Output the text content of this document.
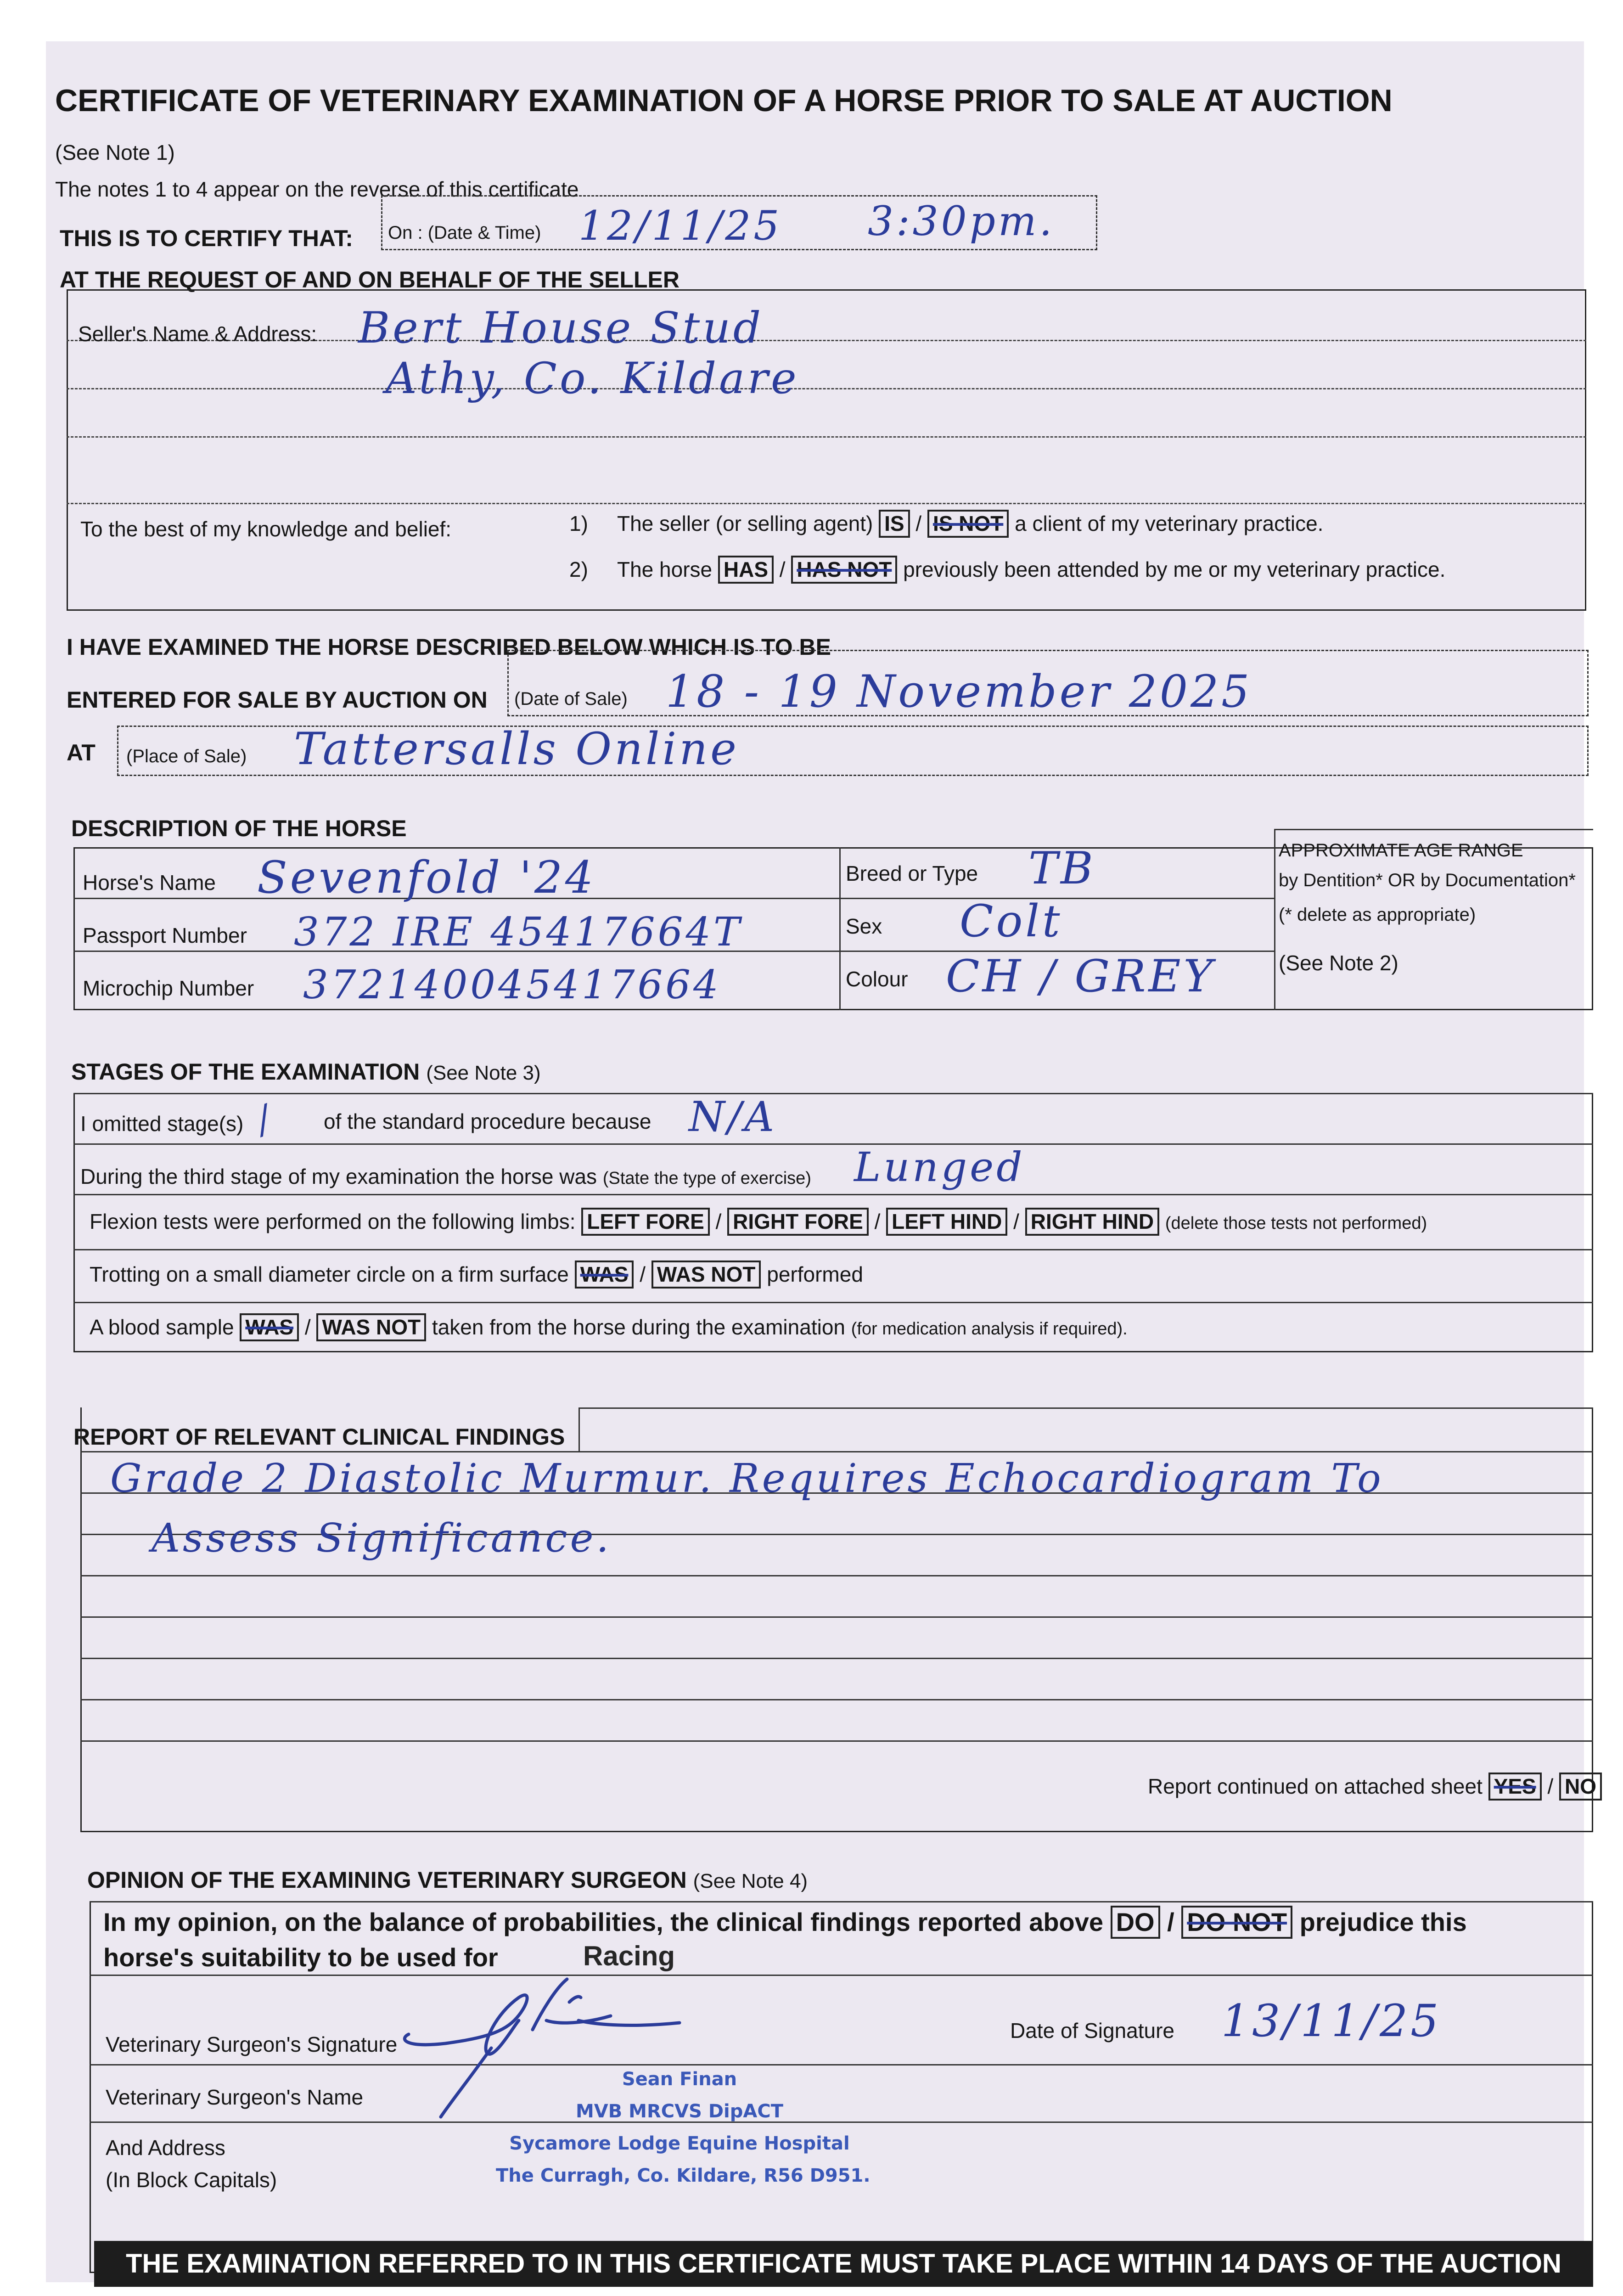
CERTIFICATE OF VETERINARY EXAMINATION OF A HORSE PRIOR TO SALE AT AUCTION
(See Note 1)
The notes 1 to 4 appear on the reverse of this certificate
THIS IS TO CERTIFY THAT: On : (Date & Time) 12/11/25 3:30pm.
AT THE REQUEST OF AND ON BEHALF OF THE SELLER
Seller's Name & Address: Bert House Stud
Athy, Co. Kildare
To the best of my knowledge and belief:	1) The seller (or selling agent) IS / IS NOT a client of my veterinary practice.
2) The horse HAS / HAS NOT previously been attended by me or my veterinary practice.
I HAVE EXAMINED THE HORSE DESCRIBED BELOW WHICH IS TO BE
ENTERED FOR SALE BY AUCTION ON (Date of Sale) 18 - 19 November 2025
AT (Place of Sale) Tattersalls Online
DESCRIPTION OF THE HORSE
Horse's Name Sevenfold '24
Passport Number 372 IRE 45417664T
Microchip Number 372140045417664
Breed or Type TB
Sex Colt
Colour CH / GREY
APPROXIMATE AGE RANGE
by Dentition* OR by Documentation*
(* delete as appropriate)
(See Note 2)
STAGES OF THE EXAMINATION (See Note 3)
I omitted stage(s) / of the standard procedure because N/A
During the third stage of my examination the horse was (State the type of exercise) Lunged
Flexion tests were performed on the following limbs: LEFT FORE / RIGHT FORE / LEFT HIND / RIGHT HIND (delete those tests not performed)
Trotting on a small diameter circle on a firm surface WAS / WAS NOT performed
A blood sample WAS / WAS NOT taken from the horse during the examination (for medication analysis if required).
REPORT OF RELEVANT CLINICAL FINDINGS
Grade 2 Diastolic Murmur. Requires Echocardiogram To
Assess Significance.
Report continued on attached sheet YES / NO
OPINION OF THE EXAMINING VETERINARY SURGEON (See Note 4)
In my opinion, on the balance of probabilities, the clinical findings reported above DO / DO NOT prejudice this
horse's suitability to be used for	Racing
Veterinary Surgeon's Signature
Date of Signature 13/11/25
Veterinary Surgeon's Name
And Address
(In Block Capitals)
Sean Finan
MVB MRCVS DipACT
Sycamore Lodge Equine Hospital
The Curragh, Co. Kildare, R56 D951.
THE EXAMINATION REFERRED TO IN THIS CERTIFICATE MUST TAKE PLACE WITHIN 14 DAYS OF THE AUCTION
